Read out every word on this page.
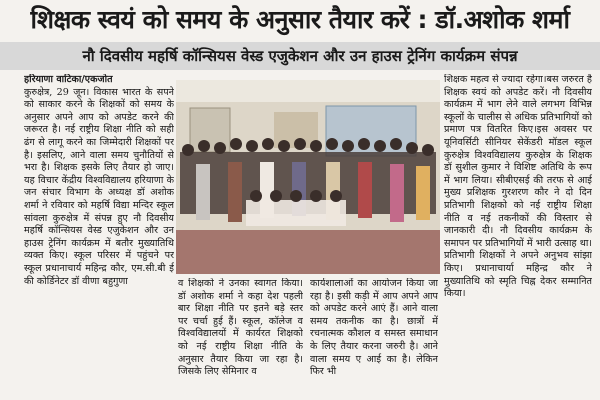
शिक्षक स्वयं को समय के अनुसार तैयार करें : डॉ.अशोक शर्मा
नौ दिवसीय महर्षि कॉन्सियस वेस्ड एजुकेशन और उन हाउस ट्रेनिंग कार्यक्रम संपन्न
हरियाणा वाटिका/एकजोत
कुरुक्षेत्र, 29 जून। विकास भारत के सपने को साकार करने के शिक्षकों को समय के अनुसार अपने आप को अपडेट करने की जरूरत है। नई राष्ट्रीय शिक्षा नीति को सही ढंग से लागू करने का जिम्मेदारी शिक्षकों पर है। इसलिए, आने वाला समय चुनौतियों से भरा है। शिक्षक इसके लिए तैयार हो जाए। यह विचार केंद्रीय विश्वविद्यालय हरियाणा के जन संचार विभाग के अध्यक्ष डॉ अशोक शर्मा ने रविवार को महर्षि विद्या मन्दिर स्कूल सांवला कुरुक्षेत्र में संपन्न हुए नौ दिवसीय महर्षि कॉन्सियस वेस्ड एजुकेशन और उन हाउस ट्रेनिंग कार्यक्रम में बतौर मुख्यातिथि व्यक्त किए। स्कूल परिसर में पहुंचने पर स्कूल प्रधानाचार्य महिन्द्र कौर, एम.सी.बी ई की कोर्डिनेटर डॉ वीणा बहुगुणा	व शिक्षको ने उनका स्वागत किया। डॉ अशोक शर्मा ने कहा देश पहली बार शिक्षा नीति पर इतने बड़े स्तर पर चर्चा हुई हैं। स्कूल, कॉलेज व विश्वविद्यालयों में कार्यरत शिक्षको को नई राष्ट्रीय शिक्षा नीति के अनुसार तैयार किया जा रहा है। जिसके लिए सेमिनार व
कार्यशालाओं का आयोजन किया जा रहा है। इसी कड़ी में आप अपने आप को अपडेट करने आएं हैं। आने वाला समय तकनीक का है। छात्रों में रचनात्मक कौशल व समस्त समाधान के लिए तैयार करना जरुरी है। आने वाला समय ए आई का है। लेकिन फिर भी
शिक्षक महत्व से ज्यादा रहेगा।बस जरुरत है शिक्षक स्वयं को अपडेट करें। नौ दिवसीय कार्यक्रम में भाग लेने वाले लगभग विभिन्न स्कूलों के चालीस से अधिक प्रतिभागियों को प्रमाण पत्र वितरित किए।इस अवसर पर यूनिवर्सिटी सीनियर सेकेंडरी मॉडल स्कूल कुरुक्षेत्र विश्वविद्यालय कुरुक्षेत्र के शिक्षक डॉ सुशील कुमार ने विशिष्ट अतिथि के रूप में भाग लिया। सीबीएसई की तरफ से आई मुख्य प्रशिक्षक गुरशरण कौर ने दो दिन प्रतिभागी शिक्षको को नई राष्ट्रीय शिक्षा नीति व नई तकनीकों की विस्तार से जानकारी दी। नौ दिवसीय कार्यक्रम के समापन पर प्रतिभागियों में भारी उत्साह था। प्रतिभागी शिक्षकों ने अपने अनुभव सांझा किए। प्रधानाचार्या महिन्द्र कौर ने मुख्यातिथि को स्मृति चिह्न देकर सम्मानित किया।
